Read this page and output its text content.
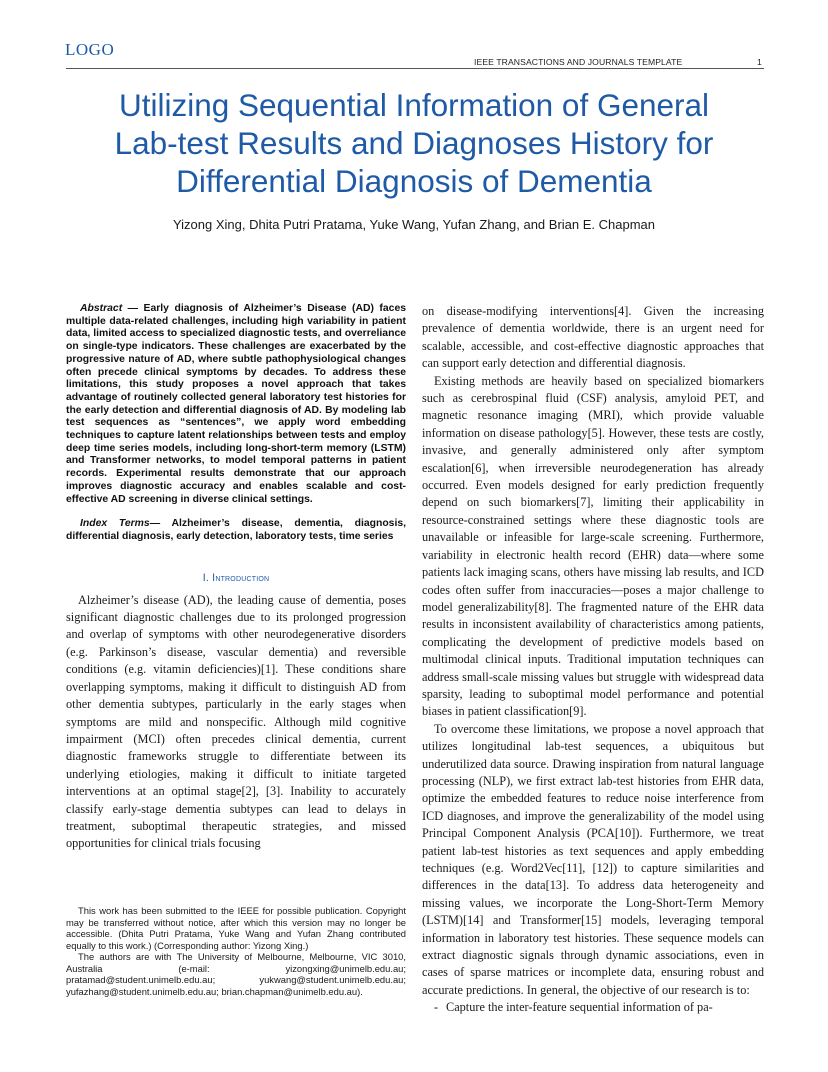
LOGO
IEEE TRANSACTIONS AND JOURNALS TEMPLATE	1
Utilizing Sequential Information of General
Lab-test Results and Diagnoses History for
Differential Diagnosis of Dementia
Yizong Xing, Dhita Putri Pratama, Yuke Wang, Yufan Zhang, and Brian E. Chapman

Abstract — Early diagnosis of Alzheimer’s Disease (AD) faces multiple data-related challenges, including high variability in patient data, limited access to specialized diagnostic tests, and overreliance on single-type indicators. These challenges are exacerbated by the progressive nature of AD, where subtle pathophysiological changes often precede clinical symptoms by decades. To address these limitations, this study proposes a novel approach that takes advantage of routinely collected general laboratory test histories for the early detection and differential diagnosis of AD. By modeling lab test sequences as “sentences”, we apply word embedding techniques to capture latent relationships between tests and employ deep time series models, including long-short-term memory (LSTM) and Transformer networks, to model temporal patterns in patient records. Experimental results demonstrate that our approach improves diagnostic accuracy and enables scalable and cost-effective AD screening in diverse clinical settings.

Index Terms— Alzheimer’s disease, dementia, diagnosis, differential diagnosis, early detection, laboratory tests, time series

I. Introduction

Alzheimer’s disease (AD), the leading cause of dementia, poses significant diagnostic challenges due to its prolonged progression and overlap of symptoms with other neurodegenerative disorders (e.g. Parkinson’s disease, vascular dementia) and reversible conditions (e.g. vitamin deficiencies)[1]. These conditions share overlapping symptoms, making it difficult to distinguish AD from other dementia subtypes, particularly in the early stages when symptoms are mild and nonspecific. Although mild cognitive impairment (MCI) often precedes clinical dementia, current diagnostic frameworks struggle to differentiate between its underlying etiologies, making it difficult to initiate targeted interventions at an optimal stage[2], [3]. Inability to accurately classify early-stage dementia subtypes can lead to delays in treatment, suboptimal therapeutic strategies, and missed opportunities for clinical trials focusing

This work has been submitted to the IEEE for possible publication. Copyright may be transferred without notice, after which this version may no longer be accessible. (Dhita Putri Pratama, Yuke Wang and Yufan Zhang contributed equally to this work.) (Corresponding author: Yizong Xing.)

The authors are with The University of Melbourne, Melbourne, VIC 3010, Australia (e-mail: yizongxing@unimelb.edu.au; pratamad@student.unimelb.edu.au; yukwang@student.unimelb.edu.au; yufazhang@student.unimelb.edu.au; brian.chapman@unimelb.edu.au).

on disease-modifying interventions[4]. Given the increasing prevalence of dementia worldwide, there is an urgent need for scalable, accessible, and cost-effective diagnostic approaches that can support early detection and differential diagnosis.

Existing methods are heavily based on specialized biomarkers such as cerebrospinal fluid (CSF) analysis, amyloid PET, and magnetic resonance imaging (MRI), which provide valuable information on disease pathology[5]. However, these tests are costly, invasive, and generally administered only after symptom escalation[6], when irreversible neurodegeneration has already occurred. Even models designed for early prediction frequently depend on such biomarkers[7], limiting their applicability in resource-constrained settings where these diagnostic tools are unavailable or infeasible for large-scale screening. Furthermore, variability in electronic health record (EHR) data—where some patients lack imaging scans, others have missing lab results, and ICD codes often suffer from inaccuracies—poses a major challenge to model generalizability[8]. The fragmented nature of the EHR data results in inconsistent availability of characteristics among patients, complicating the development of predictive models based on multimodal clinical inputs. Traditional imputation techniques can address small-scale missing values but struggle with widespread data sparsity, leading to suboptimal model performance and potential biases in patient classification[9].

To overcome these limitations, we propose a novel approach that utilizes longitudinal lab-test sequences, a ubiquitous but underutilized data source. Drawing inspiration from natural language processing (NLP), we first extract lab-test histories from EHR data, optimize the embedded features to reduce noise interference from ICD diagnoses, and improve the generalizability of the model using Principal Component Analysis (PCA[10]). Furthermore, we treat patient lab-test histories as text sequences and apply embedding techniques (e.g. Word2Vec[11], [12]) to capture similarities and differences in the data[13]. To address data heterogeneity and missing values, we incorporate the Long-Short-Term Memory (LSTM)[14] and Transformer[15] models, leveraging temporal information in laboratory test histories. These sequence models can extract diagnostic signals through dynamic associations, even in cases of sparse matrices or incomplete data, ensuring robust and accurate predictions. In general, the objective of our research is to:

- Capture the inter-feature sequential information of pa-
